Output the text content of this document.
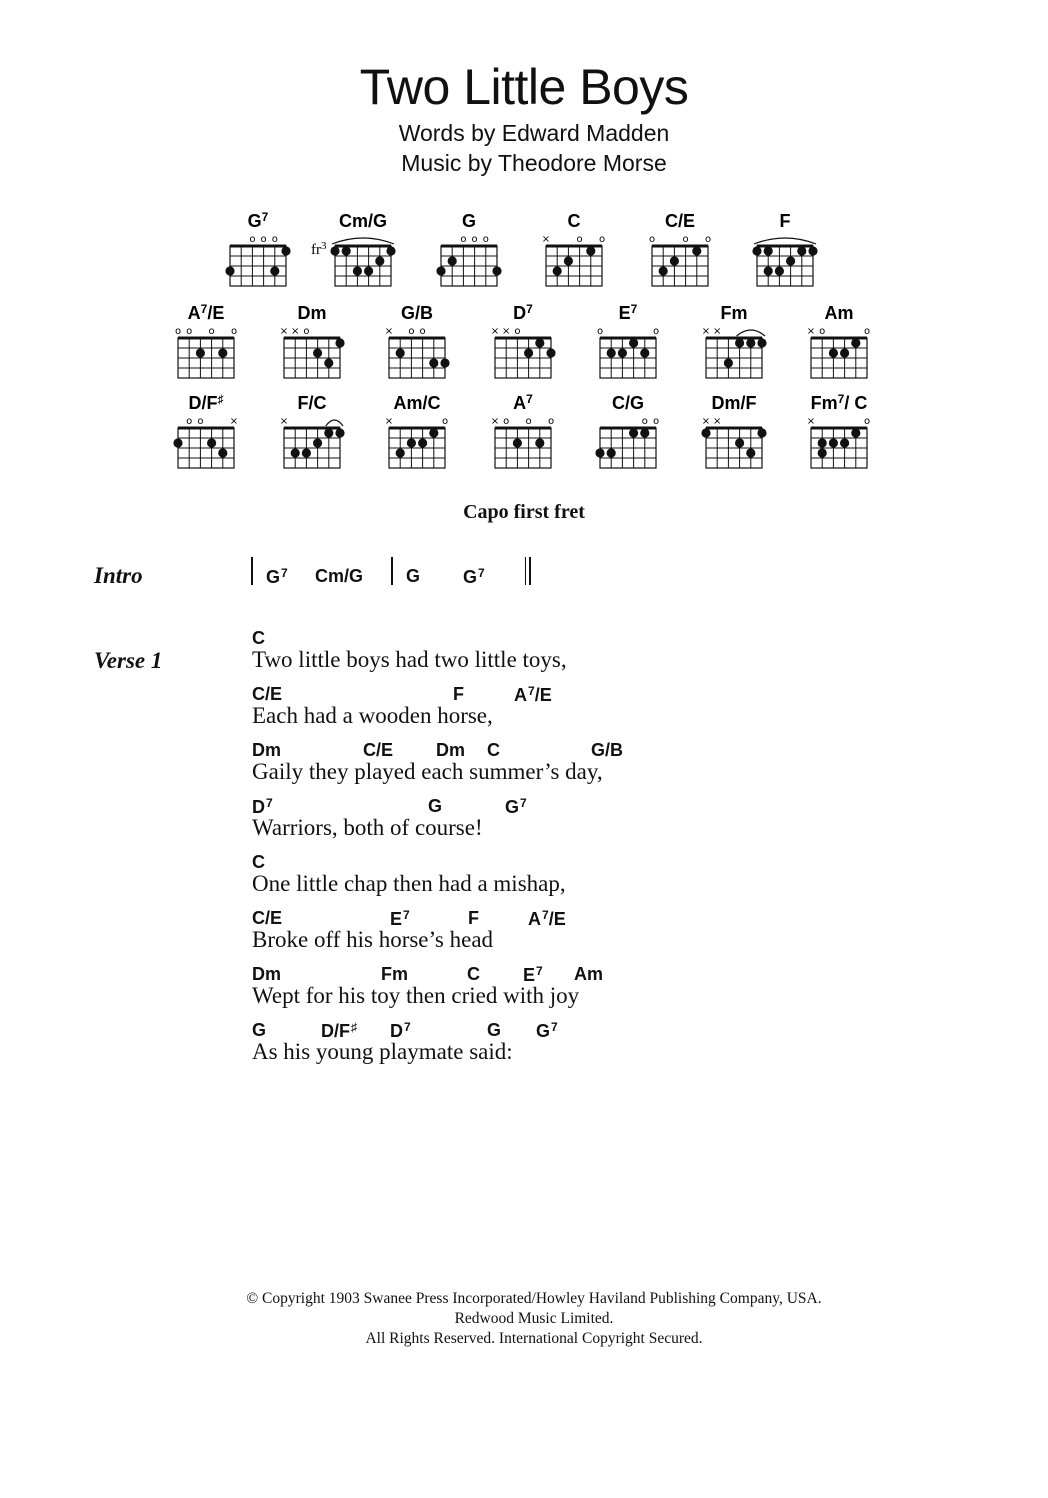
Two Little Boys
Words by Edward Madden
Music by Theodore Morse
$G^7$
o o o
Cm/G
$fr^3$
G
o o o
C
×	o o
C/E
o	o o
F
$A^7/E$
o o o o
Dm
× × o
G/B
× o o
$D^7$
× × o
$E^7$
o	o
Fm
× ×
Am
× o	o
D/F♯
o o	×
F/C
×
Am/C
×	o
$A^7$
× o o o
C/G
o o
Dm/F
× ×
$Fm^7/$ C
×	o
Capo first fret
Intro	$G^7$ Cm/G G $G^7$
Verse 1
C
Two little boys had two little toys,
C/E	F	$A^7/E$
Each had a wooden horse,
Dm	C/E Dm C	G/B
Gaily they played each summer’s day,
$D^7$	G	$G^7$
Warriors, both of course!
C
One little chap then had a mishap,
C/E	$E^7$	F	$A^7/E$
Broke off his horse’s head
Dm	Fm	C $E^7$ Am
Wept for his toy then cried with joy
G	D/F♯ $D^7$	G $G^7$
As his young playmate said:
© Copyright 1903 Swanee Press Incorporated/Howley Haviland Publishing Company, USA.
Redwood Music Limited.
All Rights Reserved. International Copyright Secured.
